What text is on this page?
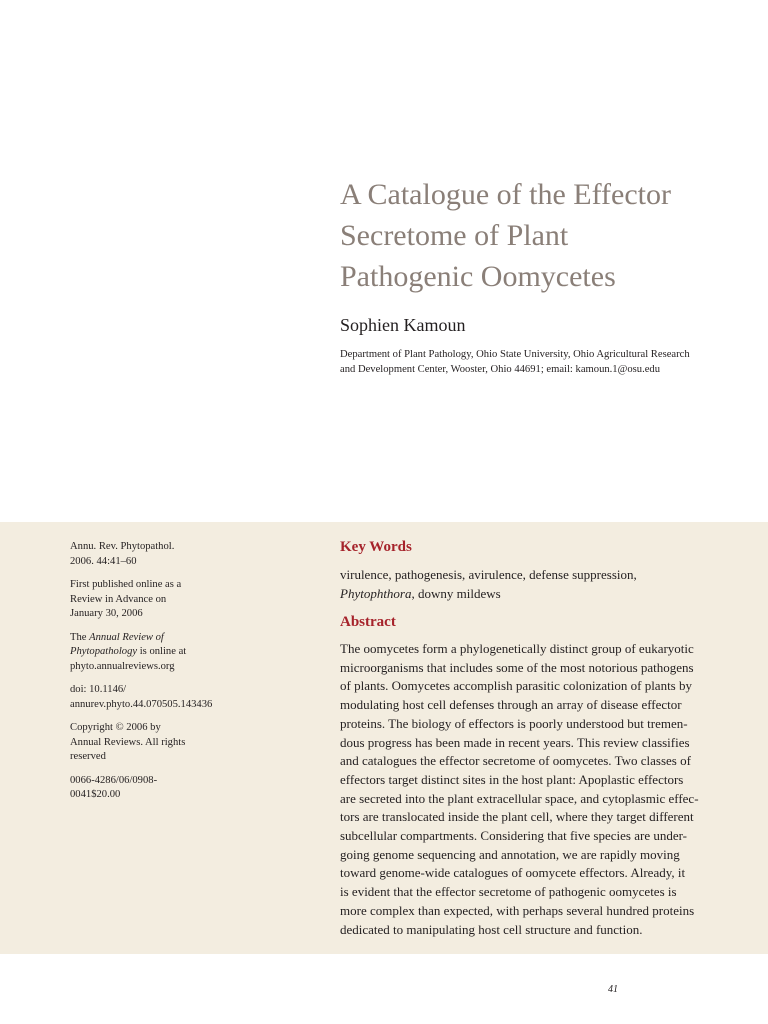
A Catalogue of the Effector
Secretome of Plant
Pathogenic Oomycetes

Sophien Kamoun

Department of Plant Pathology, Ohio State University, Ohio Agricultural Research
and Development Center, Wooster, Ohio 44691; email: kamoun.1@osu.edu

Annu. Rev. Phytopathol.
2006. 44:41–60
First published online as a
Review in Advance on
January 30, 2006
The Annual Review of
Phytopathology is online at
phyto.annualreviews.org
doi: 10.1146/
annurev.phyto.44.070505.143436
Copyright © 2006 by
Annual Reviews. All rights
reserved
0066-4286/06/0908-
0041$20.00
Key Words

virulence, pathogenesis, avirulence, defense suppression,
Phytophthora, downy mildews

Abstract
The oomycetes form a phylogenetically distinct group of eukaryotic
microorganisms that includes some of the most notorious pathogens
of plants. Oomycetes accomplish parasitic colonization of plants by
modulating host cell defenses through an array of disease effector
proteins. The biology of effectors is poorly understood but tremen-
dous progress has been made in recent years. This review classifies
and catalogues the effector secretome of oomycetes. Two classes of
effectors target distinct sites in the host plant: Apoplastic effectors
are secreted into the plant extracellular space, and cytoplasmic effec-
tors are translocated inside the plant cell, where they target different
subcellular compartments. Considering that five species are under-
going genome sequencing and annotation, we are rapidly moving
toward genome-wide catalogues of oomycete effectors. Already, it
is evident that the effector secretome of pathogenic oomycetes is
more complex than expected, with perhaps several hundred proteins
dedicated to manipulating host cell structure and function.
41
